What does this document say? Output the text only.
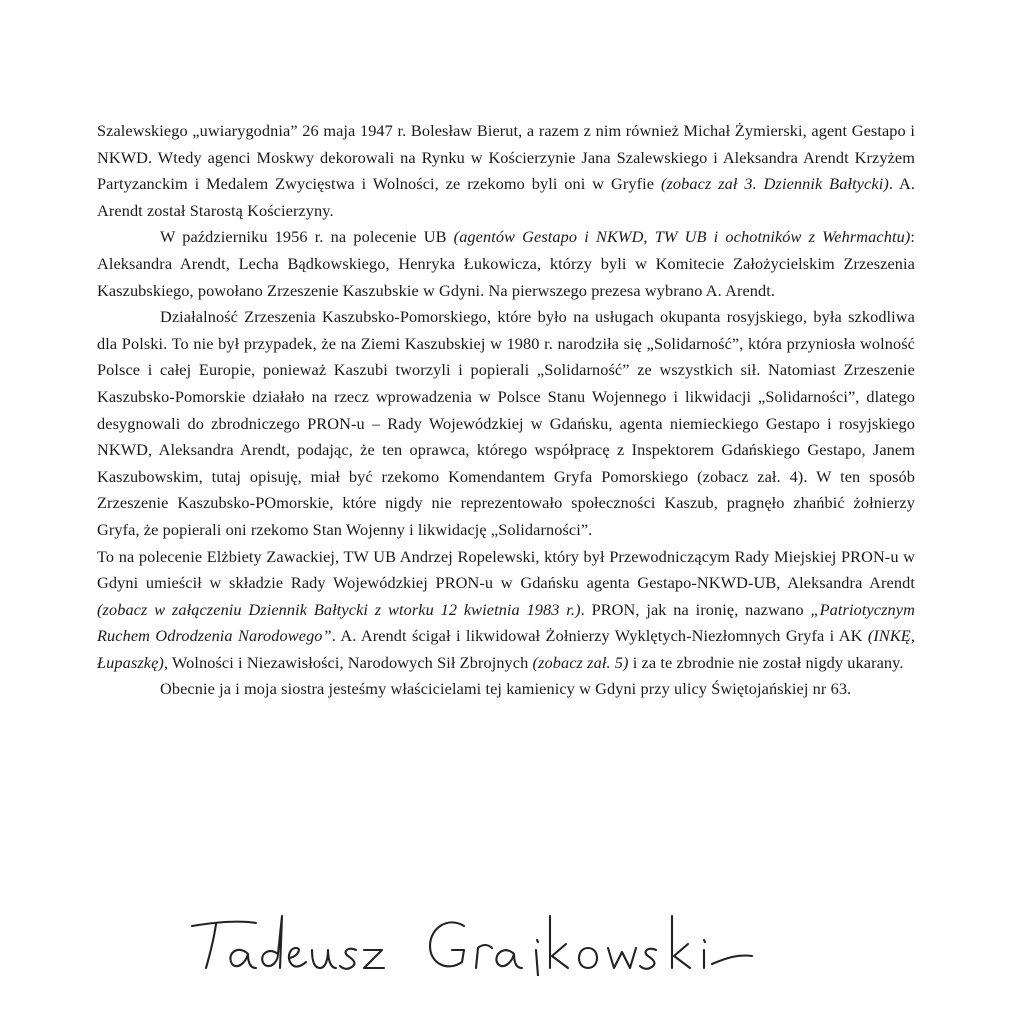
Szalewskiego „uwiarygodnia” 26 maja 1947 r. Bolesław Bierut, a razem z nim również Michał Żymierski, agent Gestapo i NKWD. Wtedy agenci Moskwy dekorowali na Rynku w Kościerzynie Jana Szalewskiego i Aleksandra Arendt Krzyżem Partyzanckim i Medalem Zwycięstwa i Wolności, ze rzekomo byli oni w Gryfie (zobacz zał 3. Dziennik Bałtycki). A. Arendt został Starostą Kościerzyny.

W październiku 1956 r. na polecenie UB (agentów Gestapo i NKWD, TW UB i ochotników z Wehrmachtu): Aleksandra Arendt, Lecha Bądkowskiego, Henryka Łukowicza, którzy byli w Komitecie Założycielskim Zrzeszenia Kaszubskiego, powołano Zrzeszenie Kaszubskie w Gdyni. Na pierwszego prezesa wybrano A. Arendt.

Działalność Zrzeszenia Kaszubsko-Pomorskiego, które było na usługach okupanta rosyjskiego, była szkodliwa dla Polski. To nie był przypadek, że na Ziemi Kaszubskiej w 1980 r. narodziła się „Solidarność”, która przyniosła wolność Polsce i całej Europie, ponieważ Kaszubi tworzyli i popierali „Solidarność” ze wszystkich sił. Natomiast Zrzeszenie Kaszubsko-Pomorskie działało na rzecz wprowadzenia w Polsce Stanu Wojennego i likwidacji „Solidarności”, dlatego desygnowali do zbrodniczego PRON-u – Rady Wojewódzkiej w Gdańsku, agenta niemieckiego Gestapo i rosyjskiego NKWD, Aleksandra Arendt, podając, że ten oprawca, którego współpracę z Inspektorem Gdańskiego Gestapo, Janem Kaszubowskim, tutaj opisuję, miał być rzekomo Komendantem Gryfa Pomorskiego (zobacz zał. 4). W ten sposób Zrzeszenie Kaszubsko-POmorskie, które nigdy nie reprezentowało społeczności Kaszub, pragnęło zhańbić żołnierzy Gryfa, że popierali oni rzekomo Stan Wojenny i likwidację „Solidarności”.

To na polecenie Elżbiety Zawackiej, TW UB Andrzej Ropelewski, który był Przewodniczącym Rady Miejskiej PRON-u w Gdyni umieścił w składzie Rady Wojewódzkiej PRON-u w Gdańsku agenta Gestapo-NKWD-UB, Aleksandra Arendt (zobacz w załączeniu Dziennik Bałtycki z wtorku 12 kwietnia 1983 r.). PRON, jak na ironię, nazwano „Patriotycznym Ruchem Odrodzenia Narodowego”. A. Arendt ścigał i likwidował Żołnierzy Wyklętych-Niezłomnych Gryfa i AK (INKĘ, Łupaszkę), Wolności i Niezawisłości, Narodowych Sił Zbrojnych (zobacz zał. 5) i za te zbrodnie nie został nigdy ukarany.

Obecnie ja i moja siostra jesteśmy właścicielami tej kamienicy w Gdyni przy ulicy Świętojańskiej nr 63.
